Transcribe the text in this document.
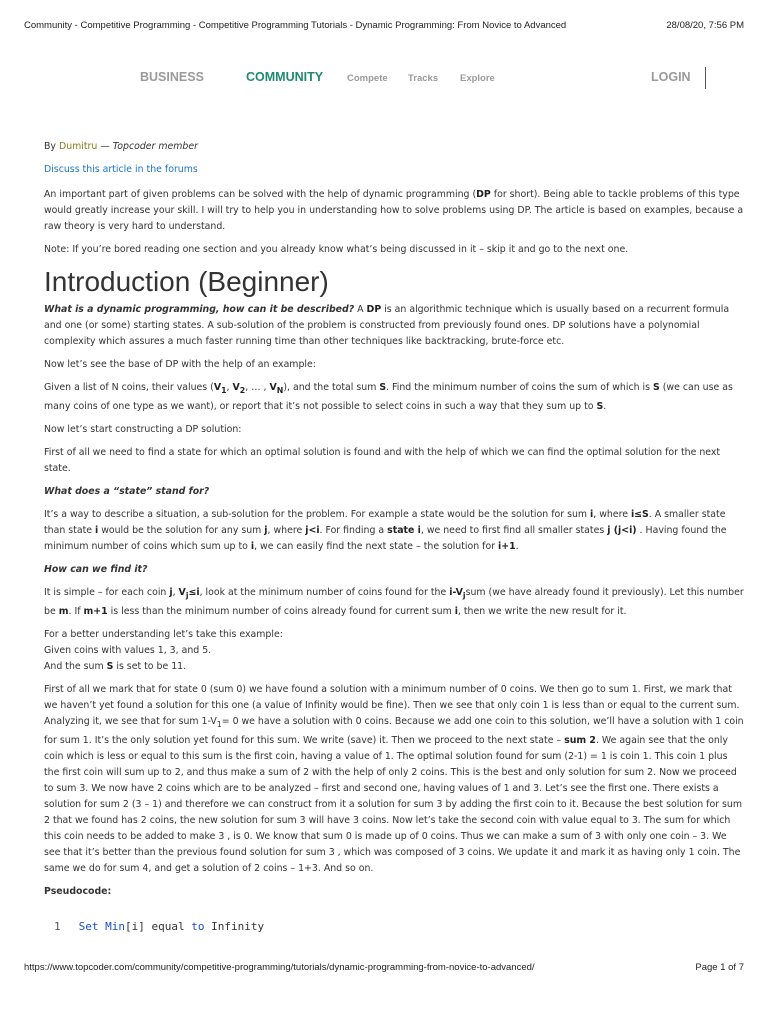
Community - Competitive Programming - Competitive Programming Tutorials - Dynamic Programming: From Novice to Advanced	28/08/20, 7:56 PM
BUSINESS	COMMUNITY	Compete Tracks Explore	LOGIN

By Dumitru — Topcoder member

Discuss this article in the forums

An important part of given problems can be solved with the help of dynamic programming (DP for short). Being able to tackle problems of this type would greatly increase your skill. I will try to help you in understanding how to solve problems using DP. The article is based on examples, because a raw theory is very hard to understand.

Note: If you’re bored reading one section and you already know what’s being discussed in it – skip it and go to the next one.

Introduction (Beginner)

What is a dynamic programming, how can it be described? A DP is an algorithmic technique which is usually based on a recurrent formula and one (or some) starting states. A sub-solution of the problem is constructed from previously found ones. DP solutions have a polynomial complexity which assures a much faster running time than other techniques like backtracking, brute-force etc.

Now let’s see the base of DP with the help of an example:

Given a list of N coins, their values ($V_1$, $V_2$, … , $V_N$), and the total sum S. Find the minimum number of coins the sum of which is S (we can use as many coins of one type as we want), or report that it’s not possible to select coins in such a way that they sum up to S.

Now let’s start constructing a DP solution:

First of all we need to find a state for which an optimal solution is found and with the help of which we can find the optimal solution for the next state.

What does a “state” stand for?

It’s a way to describe a situation, a sub-solution for the problem. For example a state would be the solution for sum i, where i≤S. A smaller state than state i would be the solution for any sum j, where j<i. For finding a state i, we need to first find all smaller states j (j<i) . Having found the minimum number of coins which sum up to i, we can easily find the next state – the solution for i+1.

How can we find it?

It is simple – for each coin j, $V_j\le i$, look at the minimum number of coins found for the $i-V_jsum$ (we have already found it previously). Let this number be m. If m+1 is less than the minimum number of coins already found for current sum i, then we write the new result for it.

For a better understanding let’s take this example:
Given coins with values 1, 3, and 5.
And the sum S is set to be 11.

First of all we mark that for state 0 (sum 0) we have found a solution with a minimum number of 0 coins. We then go to sum 1. First, we mark that we haven’t yet found a solution for this one (a value of Infinity would be fine). Then we see that only coin 1 is less than or equal to the current sum. Analyzing it, we see that for sum $1-V_1= 0$ we have a solution with 0 coins. Because we add one coin to this solution, we’ll have a solution with 1 coin for sum 1. It’s the only solution yet found for this sum. We write (save) it. Then we proceed to the next state – sum 2. We again see that the only coin which is less or equal to this sum is the first coin, having a value of 1. The optimal solution found for sum (2-1) = 1 is coin 1. This coin 1 plus the first coin will sum up to 2, and thus make a sum of 2 with the help of only 2 coins. This is the best and only solution for sum 2. Now we proceed to sum 3. We now have 2 coins which are to be analyzed – first and second one, having values of 1 and 3. Let’s see the first one. There exists a solution for sum 2 (3 – 1) and therefore we can construct from it a solution for sum 3 by adding the first coin to it. Because the best solution for sum 2 that we found has 2 coins, the new solution for sum 3 will have 3 coins. Now let’s take the second coin with value equal to 3. The sum for which this coin needs to be added to make 3 , is 0. We know that sum 0 is made up of 0 coins. Thus we can make a sum of 3 with only one coin – 3. We see that it’s better than the previous found solution for sum 3 , which was composed of 3 coins. We update it and mark it as having only 1 coin. The same we do for sum 4, and get a solution of 2 coins – 1+3. And so on.

Pseudocode:

1 Set Min[i] equal to Infinity
https://www.topcoder.com/community/competitive-programming/tutorials/dynamic-programming-from-novice-to-advanced/	Page 1 of 7
